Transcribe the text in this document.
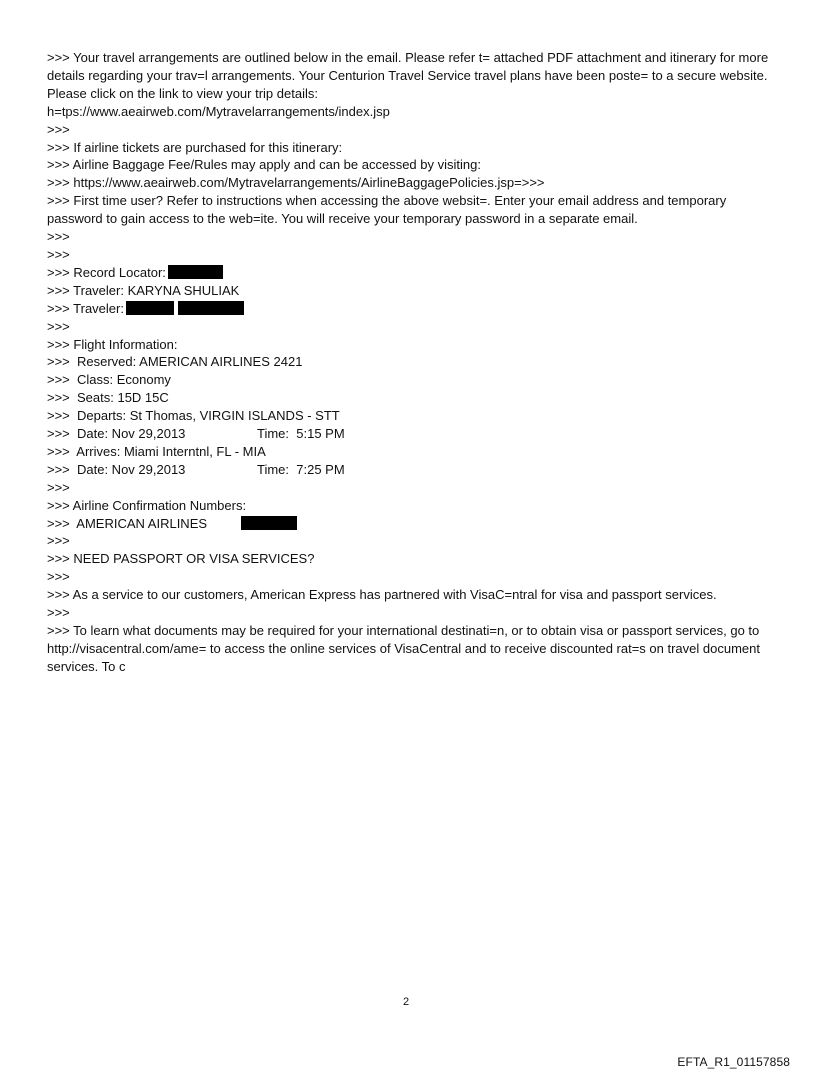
>>> Your travel arrangements are outlined below in the email. Please refer t= attached PDF attachment and itinerary for more details regarding your trav=l arrangements. Your Centurion Travel Service travel plans have been poste= to a secure website. Please click on the link to view your trip details:
h=tps://www.aeairweb.com/Mytravelarrangements/index.jsp
>>>
>>> If airline tickets are purchased for this itinerary:
>>> Airline Baggage Fee/Rules may apply and can be accessed by visiting:
>>> https://www.aeairweb.com/Mytravelarrangements/AirlineBaggagePolicies.jsp=>>>
>>> First time user? Refer to instructions when accessing the above websit=. Enter your email address and temporary password to gain access to the web=ite. You will receive your temporary password in a separate email.
>>>
>>>
>>> Record Locator:
>>> Traveler: KARYNA SHULIAK
>>> Traveler:
>>>
>>> Flight Information:
>>>  Reserved: AMERICAN AIRLINES 2421
>>>  Class: Economy
>>>  Seats: 15D 15C
>>>  Departs: St Thomas, VIRGIN ISLANDS - STT
>>>  Date: Nov 29,2013	Time:  5:15 PM
>>>  Arrives: Miami Interntnl, FL - MIA
>>>  Date: Nov 29,2013	Time:  7:25 PM
>>>
>>> Airline Confirmation Numbers:
>>>  AMERICAN AIRLINES
>>>
>>> NEED PASSPORT OR VISA SERVICES?
>>>
>>> As a service to our customers, American Express has partnered with VisaC=ntral for visa and passport services.
>>>
>>> To learn what documents may be required for your international destinati=n, or to obtain visa or passport services, go to http://visacentral.com/ame= to access the online services of VisaCentral and to receive discounted rat=s on travel document services. To c
2
EFTA_R1_01157858
